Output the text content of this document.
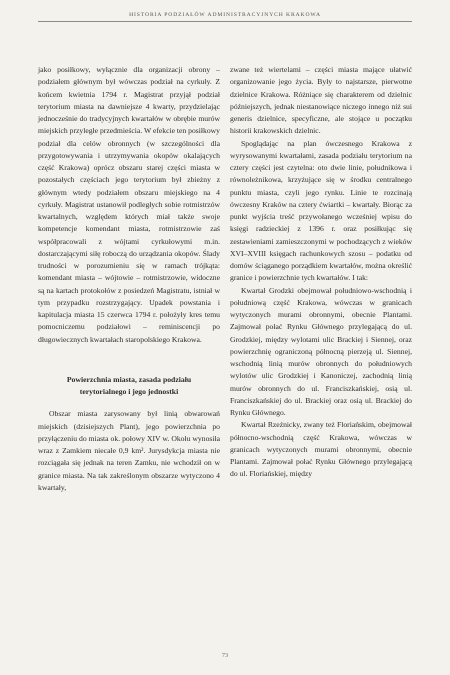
HISTORIA PODZIAŁÓW ADMINISTRACYJNYCH KRAKOWA

jako posiłkowy, wyłącznie dla organizacji obrony – podziałem głównym był wówczas podział na cyrkuły. Z końcem kwietnia 1794 r. Magistrat przyjął podział terytorium miasta na dawniejsze 4 kwarty, przydzielając jednocześnie do tradycyjnych kwartałów w obrębie murów miejskich przyległe przedmieścia. W efekcie ten posiłkowy podział dla celów obronnych (w szczególności dla przygotowywania i utrzymywania okopów okalających część Krakowa) oprócz obszaru starej części miasta w pozostałych częściach jego terytorium był zbieżny z głównym wtedy podziałem obszaru miejskiego na 4 cyrkuły. Magistrat ustanowił podległych sobie rotmistrzów kwartalnych, względem których miał także swoje kompetencje komendant miasta, rotmistrzowie zaś współpracowali z wójtami cyrkułowymi m.in. dostarczającymi siłę roboczą do urządzania okopów. Ślady trudności w porozumieniu się w ramach trójkąta: komendant miasta – wójtowie – rotmistrzowie, widoczne są na kartach protokołów z posiedzeń Magistratu, istniał w tym przypadku rozstrzygający. Upadek powstania i kapitulacja miasta 15 czerwca 1794 r. położyły kres temu pomocniczemu podziałowi – reminiscencji po długowiecznych kwartałach staropolskiego Krakowa.

Powierzchnia miasta, zasada podziału
terytorialnego i jego jednostki

Obszar miasta zarysowany był linią obwarowań miejskich (dzisiejszych Plant), jego powierzchnia po przyłączeniu do miasta ok. połowy XIV w. Okołu wynosiła wraz z Zamkiem niecałe 0,9 km². Jurysdykcja miasta nie rozciągała się jednak na teren Zamku, nie wchodził on w granice miasta. Na tak zakreślonym obszarze wytyczono 4 kwartały,

zwane też wiertelami – części miasta mające ułatwić organizowanie jego życia. Były to najstarsze, pierwotne dzielnice Krakowa. Różniące się charakterem od dzielnic późniejszych, jednak niestanowiące niczego innego niż sui generis dzielnice, specyficzne, ale stojące u początku historii krakowskich dzielnic.

Spoglądając na plan ówczesnego Krakowa z wyrysowanymi kwartałami, zasada podziału terytorium na cztery części jest czytelna: oto dwie linie, południkowa i równoleżnikowa, krzyżujące się w środku centralnego punktu miasta, czyli jego rynku. Linie te rozcinają ówczesny Kraków na cztery ćwiartki – kwartały. Biorąc za punkt wyjścia treść przywołanego wcześniej wpisu do księgi radzieckiej z 1396 r. oraz posiłkując się zestawieniami zamieszczonymi w pochodzących z wieków XVI–XVIII księgach rachunkowych szosu – podatku od domów ściąganego porządkiem kwartałów, można określić granice i powierzchnie tych kwartałów. I tak:

Kwartał Grodzki obejmował południowo-wschodnią i południową część Krakowa, wówczas w granicach wytyczonych murami obronnymi, obecnie Plantami. Zajmował połać Rynku Głównego przylegającą do ul. Grodzkiej, między wylotami ulic Brackiej i Siennej, oraz powierzchnię ograniczoną północną pierzeją ul. Siennej, wschodnią linią murów obronnych do południowych wylotów ulic Grodzkiej i Kanoniczej, zachodnią linią murów obronnych do ul. Franciszkańskiej, osią ul. Franciszkańskiej do ul. Brackiej oraz osią ul. Brackiej do Rynku Głównego.

Kwartał Rzeźnicky, zwany też Floriańskim, obejmował północno-wschodnią część Krakowa, wówczas w granicach wytyczonych murami obronnymi, obecnie Plantami. Zajmował połać Rynku Głównego przylegającą do ul. Floriańskiej, między

73
